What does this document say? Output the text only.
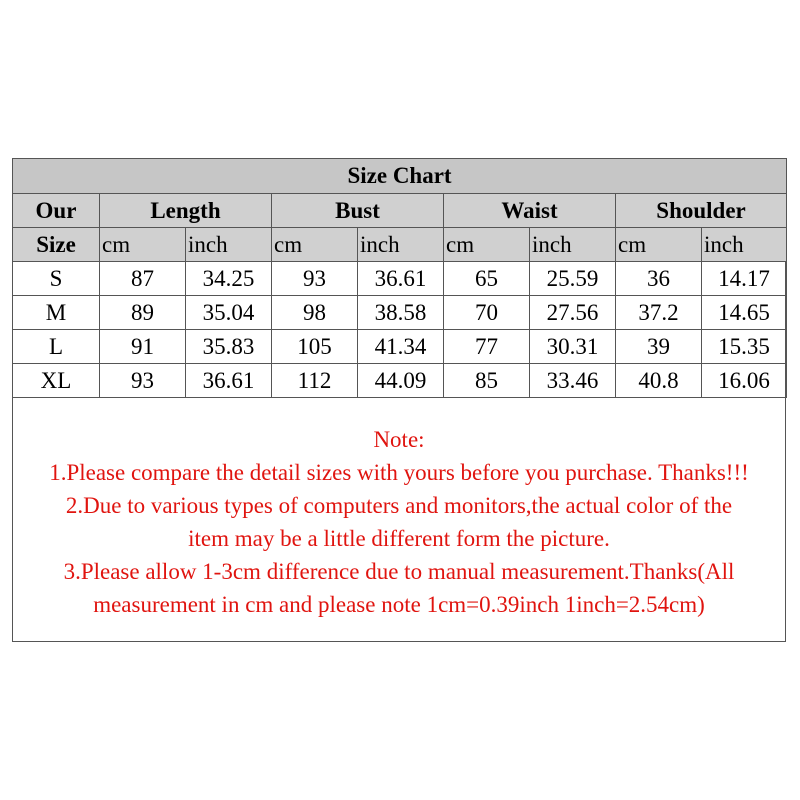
Size Chart								
Our	Length		Bust		Waist		Shoulder	
Size	cm	inch	cm	inch	cm	inch	cm	inch
S	87	34.25	93	36.61	65	25.59	36	14.17
M	89	35.04	98	38.58	70	27.56	37.2	14.65
L	91	35.83	105	41.34	77	30.31	39	15.35
XL	93	36.61	112	44.09	85	33.46	40.8	16.06
Note:
1.Please compare the detail sizes with yours before you purchase. Thanks!!!
2.Due to various types of computers and monitors,the actual color of the
item may be a little different form the picture.
3.Please allow 1-3cm difference due to manual measurement.Thanks(All
measurement in cm and please note 1cm=0.39inch 1inch=2.54cm)
